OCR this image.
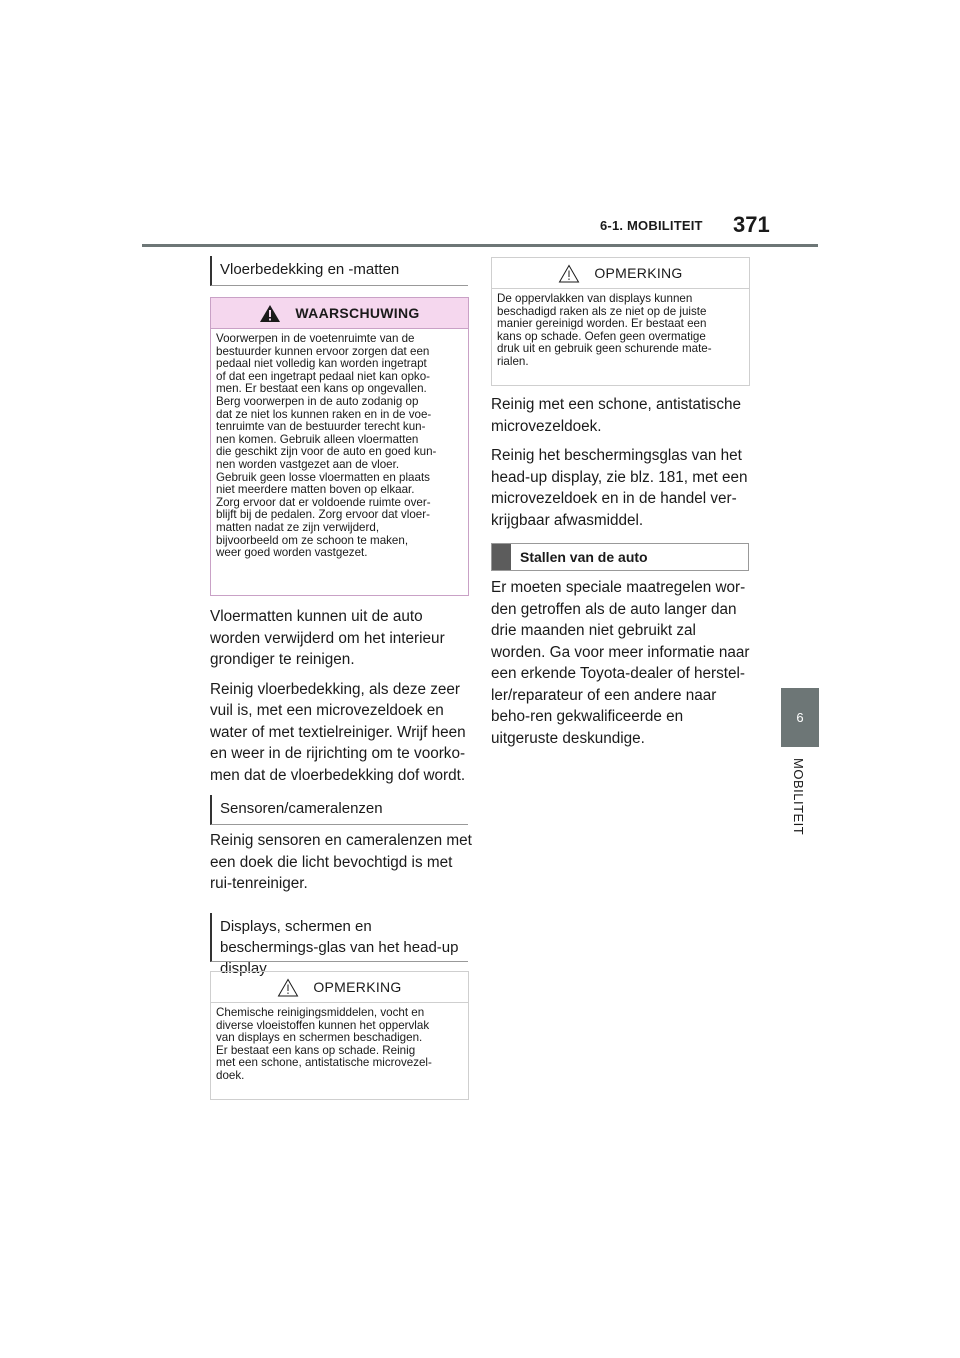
6-1. MOBILITEIT 371
6
MOBILITEIT
Vloerbedekking en -matten
WAARSCHUWING
Voorwerpen in de voetenruimte van de
bestuurder kunnen ervoor zorgen dat een
pedaal niet volledig kan worden ingetrapt
of dat een ingetrapt pedaal niet kan opko-
men. Er bestaat een kans op ongevallen.
Berg voorwerpen in de auto zodanig op
dat ze niet los kunnen raken en in de voe-
tenruimte van de bestuurder terecht kun-
nen komen. Gebruik alleen vloermatten
die geschikt zijn voor de auto en goed kun-
nen worden vastgezet aan de vloer.
Gebruik geen losse vloermatten en plaats
niet meerdere matten boven op elkaar.
Zorg ervoor dat er voldoende ruimte over-
blijft bij de pedalen. Zorg ervoor dat vloer-
matten nadat ze zijn verwijderd,
bijvoorbeeld om ze schoon te maken,
weer goed worden vastgezet.

Vloermatten kunnen uit de auto worden verwijderd om het interieur grondiger te reinigen.

Reinig vloerbedekking, als deze zeer vuil is, met een microvezeldoek en water of met textielreiniger. Wrijf heen en weer in de rijrichting om te voorko-men dat de vloerbedekking dof wordt.

Sensoren/cameralenzen

Reinig sensoren en cameralenzen met een doek die licht bevochtigd is met rui-tenreiniger.

Displays, schermen en beschermings-glas van het head-up display
OPMERKING
Chemische reinigingsmiddelen, vocht en
diverse vloeistoffen kunnen het oppervlak
van displays en schermen beschadigen.
Er bestaat een kans op schade. Reinig
met een schone, antistatische microvezel-
doek.
OPMERKING
De oppervlakken van displays kunnen
beschadigd raken als ze niet op de juiste
manier gereinigd worden. Er bestaat een
kans op schade. Oefen geen overmatige
druk uit en gebruik geen schurende mate-
rialen.

Reinig met een schone, antistatische microvezeldoek.

Reinig het beschermingsglas van het head-up display, zie blz. 181, met een microvezeldoek en in de handel ver-krijgbaar afwasmiddel.

Stallen van de auto

Er moeten speciale maatregelen wor-den getroffen als de auto langer dan drie maanden niet gebruikt zal worden. Ga voor meer informatie naar een erkende Toyota-dealer of herstel-ler/reparateur of een andere naar beho-ren gekwalificeerde en uitgeruste deskundige.
